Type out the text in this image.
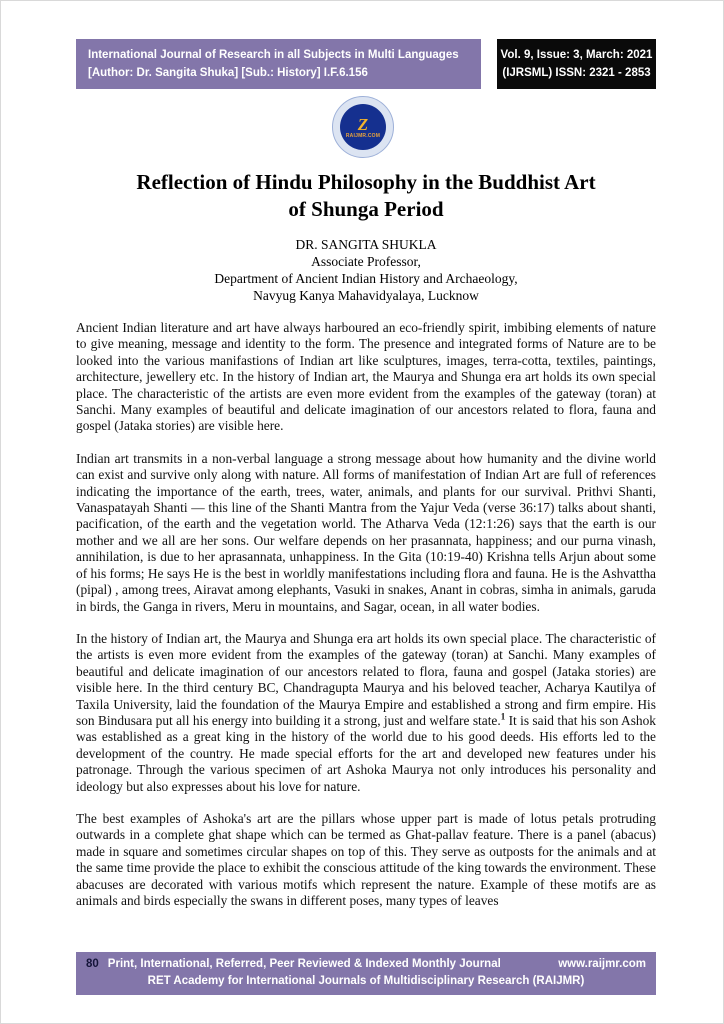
International Journal of Research in all Subjects in Multi Languages
[Author: Dr. Sangita Shuka] [Sub.: History] I.F.6.156
Vol. 9, Issue: 3, March: 2021
(IJRSML) ISSN: 2321 - 2853
Z
RAIJMR.COM
Reflection of Hindu Philosophy in the Buddhist Art
of Shunga Period
DR. SANGITA SHUKLA
Associate Professor,
Department of Ancient Indian History and Archaeology,
Navyug Kanya Mahavidyalaya, Lucknow

Ancient Indian literature and art have always harboured an eco-friendly spirit, imbibing elements of nature to give meaning, message and identity to the form. The presence and integrated forms of Nature are to be looked into the various manifastions of Indian art like sculptures, images, terra-cotta, textiles, paintings, architecture, jewellery etc. In the history of Indian art, the Maurya and Shunga era art holds its own special place. The characteristic of the artists are even more evident from the examples of the gateway (toran) at Sanchi. Many examples of beautiful and delicate imagination of our ancestors related to flora, fauna and gospel (Jataka stories) are visible here.

Indian art transmits in a non-verbal language a strong message about how humanity and the divine world can exist and survive only along with nature. All forms of manifestation of Indian Art are full of references indicating the importance of the earth, trees, water, animals, and plants for our survival. Prithvi Shanti, Vanaspatayah Shanti — this line of the Shanti Mantra from the Yajur Veda (verse 36:17) talks about shanti, pacification, of the earth and the vegetation world. The Atharva Veda (12:1:26) says that the earth is our mother and we all are her sons. Our welfare depends on her prasannata, happiness; and our purna vinash, annihilation, is due to her aprasannata, unhappiness. In the Gita (10:19-40) Krishna tells Arjun about some of his forms; He says He is the best in worldly manifestations including flora and fauna. He is the Ashvattha (pipal) , among trees, Airavat among elephants, Vasuki in snakes, Anant in cobras, simha in animals, garuda in birds, the Ganga in rivers, Meru in mountains, and Sagar, ocean, in all water bodies.

In the history of Indian art, the Maurya and Shunga era art holds its own special place. The characteristic of the artists is even more evident from the examples of the gateway (toran) at Sanchi. Many examples of beautiful and delicate imagination of our ancestors related to flora, fauna and gospel (Jataka stories) are visible here. In the third century BC, Chandragupta Maurya and his beloved teacher, Acharya Kautilya of Taxila University, laid the foundation of the Maurya Empire and established a strong and firm empire. His son Bindusara put all his energy into building it a strong, just and welfare state.$^1$ It is said that his son Ashok was established as a great king in the history of the world due to his good deeds. His efforts led to the development of the country. He made special efforts for the art and developed new features under his patronage. Through the various specimen of art Ashoka Maurya not only introduces his personality and ideology but also expresses about his love for nature.

The best examples of Ashoka's art are the pillars whose upper part is made of lotus petals protruding outwards in a complete ghat shape which can be termed as Ghat-pallav feature. There is a panel (abacus) made in square and sometimes circular shapes on top of this. They serve as outposts for the animals and at the same time provide the place to exhibit the conscious attitude of the king towards the environment. These abacuses are decorated with various motifs which represent the nature. Example of these motifs are as animals and birds especially the swans in different poses, many types of leaves

80 Print, International, Referred, Peer Reviewed & Indexed Monthly Journal	www.raijmr.com
RET Academy for International Journals of Multidisciplinary Research (RAIJMR)
